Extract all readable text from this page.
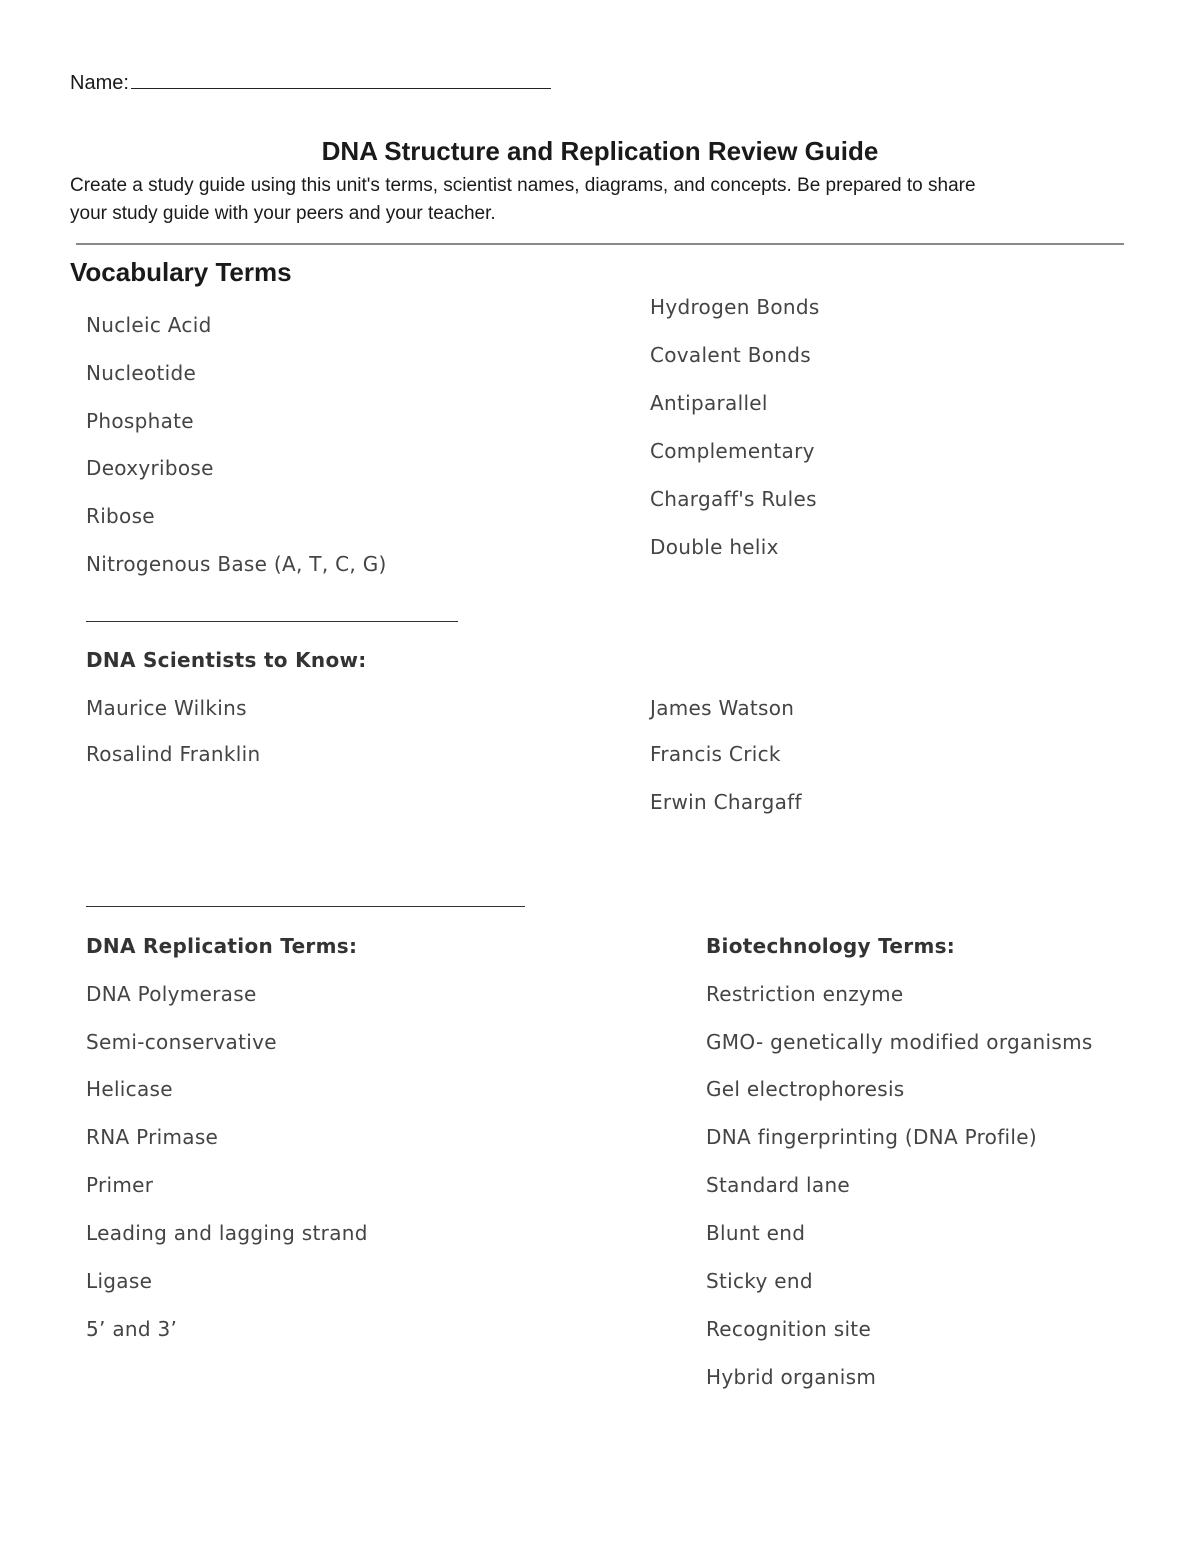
Name:
DNA Structure and Replication Review Guide
Create a study guide using this unit's terms, scientist names, diagrams, and concepts. Be prepared to share
your study guide with your peers and your teacher.
Vocabulary Terms
Nucleic Acid
Nucleotide
Phosphate
Deoxyribose
Ribose
Nitrogenous Base (A, T, C, G)
Hydrogen Bonds
Covalent Bonds
Antiparallel
Complementary
Chargaff's Rules
Double helix
DNA Scientists to Know:
Maurice Wilkins
Rosalind Franklin
James Watson
Francis Crick
Erwin Chargaff
DNA Replication Terms:
DNA Polymerase
Semi-conservative
Helicase
RNA Primase
Primer
Leading and lagging strand
Ligase
5’ and 3’
Biotechnology Terms:
Restriction enzyme
GMO- genetically modified organisms
Gel electrophoresis
DNA fingerprinting (DNA Profile)
Standard lane
Blunt end
Sticky end
Recognition site
Hybrid organism
